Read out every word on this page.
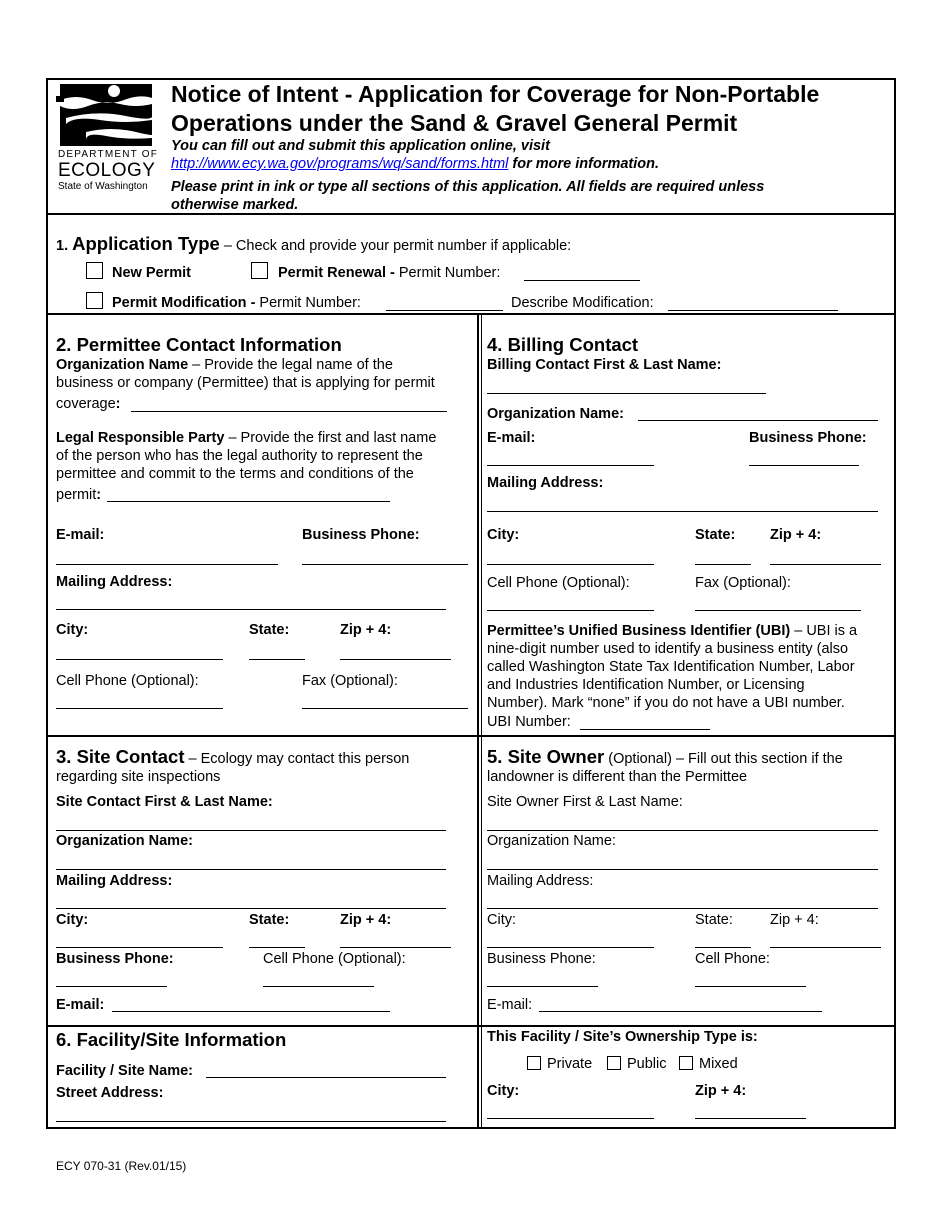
DEPARTMENT OF
ECOLOGY
State of Washington
Notice of Intent - Application for Coverage for Non-Portable
Operations under the Sand & Gravel General Permit
You can fill out and submit this application online, visit
http://www.ecy.wa.gov/programs/wq/sand/forms.html for more information.
Please print in ink or type all sections of this application. All fields are required unless
otherwise marked.
1. Application Type – Check and provide your permit number if applicable:
New Permit	Permit Renewal - Permit Number:
Permit Modification - Permit Number:	Describe Modification:
2. Permittee Contact Information
Organization Name – Provide the legal name of the
business or company (Permittee) that is applying for permit
coverage:
Legal Responsible Party – Provide the first and last name
of the person who has the legal authority to represent the
permittee and commit to the terms and conditions of the
permit:
E-mail:	Business Phone:
Mailing Address:
City:	State:	Zip + 4:
Cell Phone (Optional):	Fax (Optional):
4. Billing Contact
Billing Contact First & Last Name:
Organization Name:
E-mail:	Business Phone:
Mailing Address:
City:	State: Zip + 4:
Cell Phone (Optional):	Fax (Optional):
Permittee’s Unified Business Identifier (UBI) – UBI is a
nine-digit number used to identify a business entity (also
called Washington State Tax Identification Number, Labor
and Industries Identification Number, or Licensing
Number). Mark “none” if you do not have a UBI number.
UBI Number:
3. Site Contact – Ecology may contact this person
regarding site inspections
Site Contact First & Last Name:
Organization Name:
Mailing Address:
City:	State:	Zip + 4:
Business Phone:	Cell Phone (Optional):
E-mail:
5. Site Owner (Optional) – Fill out this section if the
landowner is different than the Permittee
Site Owner First & Last Name:
Organization Name:
Mailing Address:
City:	State:	Zip + 4:
Business Phone:	Cell Phone:
E-mail:
6. Facility/Site Information
Facility / Site Name:
Street Address:
This Facility / Site’s Ownership Type is:
Private Public Mixed
City:	Zip + 4:
ECY 070-31 (Rev.01/15)
